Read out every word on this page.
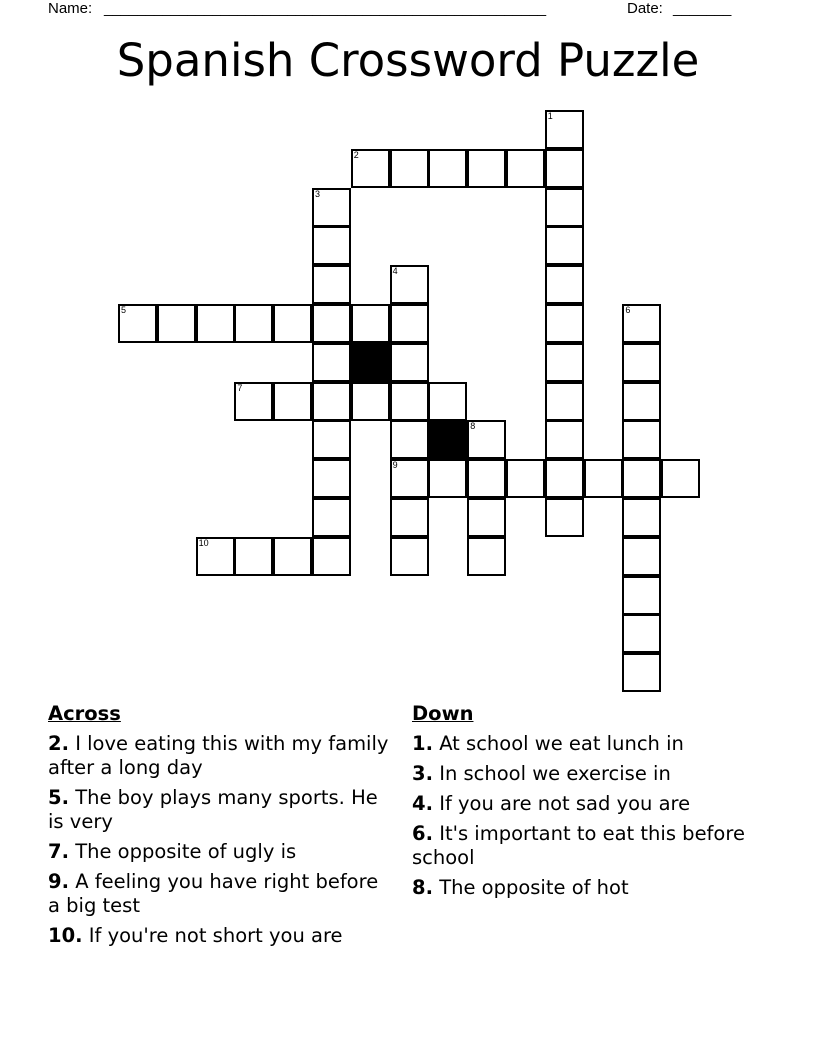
Name: _____________________________________________________	Date: _______
Spanish Crossword Puzzle
1
3
4
9
5	6
7
8
10
2
Across
2. I love eating this with my family after a long day
5. The boy plays many sports. He is very
7. The opposite of ugly is
9. A feeling you have right before a big test
10. If you're not short you are
Down
1. At school we eat lunch in
3. In school we exercise in
4. If you are not sad you are
6. It's important to eat this before school
8. The opposite of hot
